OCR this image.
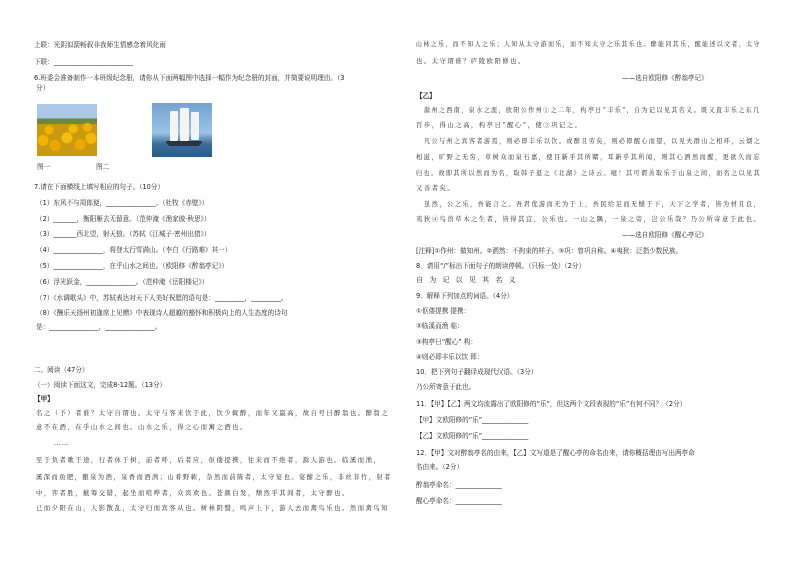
上联：光阴似箭畅叙非我师生情感念着风化雨
下联：________________________
6.班委会准备制作一本班级纪念册，请你从下面两幅图中选择一幅作为纪念册的封面，并简要说明理由。（3
分）
图一	图二
7.请在下面横线上填写相应的句子。（10分）
（1）东风不与周郎便，_______________。（杜牧《赤壁》）
（2）_______，衡阳雁去无留意。（范仲淹《渔家傲·秋思》）
（3）_______西北望，射天狼。（苏轼《江城子·密州出猎》）
（4）_______________，将登太行雪满山。（李白《行路难》其一）
（5）_______________，在乎山水之间也。（欧阳修《醉翁亭记》）
（6）浮光跃金，_______________。（范仲淹《岳阳楼记》）
（7）《水调歌头》中，苏轼表达对天下人美好祝愿的语句是：_________，_________。
（8）《酬乐天扬州初逢席上见赠》中表现诗人超越的豁怀和积极向上的人生态度的诗句
是：_______________，_______________。
二、阅读（47分）
（一）阅读下面这文，完成8-12题。（13分）
【甲】
名之（予）者谁？太守自谓也。太守与客来饮于此，饮少辄醉，而年又最高，故自号曰醉翁也。醉翁之
意不在酒，在乎山水之间也。山水之乐，得之心而寓之酒也。
……
至于负者歌于途，行者休于树，前者呼，后者应，伛偻提携，往来而不绝者，滁人游也。临溪而渔，
溪深而鱼肥，酿泉为酒，泉香而酒洌；山肴野蔌，杂然而前陈者，太守宴也。宴酣之乐，非丝非竹，射者
中，弈者胜，觥筹交错，起坐而喧哗者，众宾欢也。苍颜白发，颓然乎其间者，太守醉也。
已而夕阳在山，人影散乱，太守归而宾客从也。树林阴翳，鸣声上下，游人去而禽鸟乐也。然而禽鸟知
山林之乐，而不知人之乐；人知从太守游而乐，而不知太守之乐其乐也。醉能同其乐，醒能述以文者，太守
也。太守谓谁？庐陵欧阳修也。
——选自欧阳修《醉翁亭记》
【乙】
滁州之西南，泉水之涯，欧阳公作州①之二年，构亭日“丰乐”，自为记以见其名义。既又直丰乐之东几
百步，得山之高，构亭日“醒心”，使③巩记之。
凡公与州之宾客者游焉，则必即丰乐以饮。或醉且劳矣，则必即醒心而望，以见夫群山之相环，云烟之
相滋，旷野之无穷，草树众而泉石嘉，使目新乎其所睹，耳新乎其所闻，则其心洒然而醒，更欲久而忘
归也。故即其所以然而为名，取韩子退之《北湖》之诗云。噫！其可谓善取乐于山泉之间，而名之以见其
又善者矣。
虽然，公之乐，吾能言之。吾君优游而无为于上，吾民给足而无憾于下，天下之学者，皆为材且良，
夷狄④鸟兽草木之生者，皆得其宜，公乐也。一山之隅，一泉之旁，岂公乐哉？乃公所寄意于此也。
——选自欧阳修《醒心亭记》
[注释]①作州：做知州。②洒然：不拘束的样子。③巩：曾巩自称。④夷狄：泛指少数民族。
8．请用“/”标出下面句子的朗读停顿。（只标一处）（2分）
自 为 记 以 见 其 名 义
9．解释下列加点的词语。（4分）
①伛偻提携 提携：
②临溪而渔 临：
③构亭日“醒心” 构：
④则必即丰乐以饮 即：
10．把下列句子翻译成现代汉语。（3分）
乃公所寄意于此也。
11．【甲】【乙】两文均流露出了欧阳修的“乐”，但这两个文段表现的“乐”有何不同？（2分）
【甲】文欧阳修的“乐”______________
【乙】文欧阳修的“乐”______________
12．【甲】文对醉翁亭名的由来，【乙】文写道是了醒心亭的命名由来，请你概括理由写出两亭命
名由来。（2分）
醉翁亭命名：______________
醒心亭命名：______________
